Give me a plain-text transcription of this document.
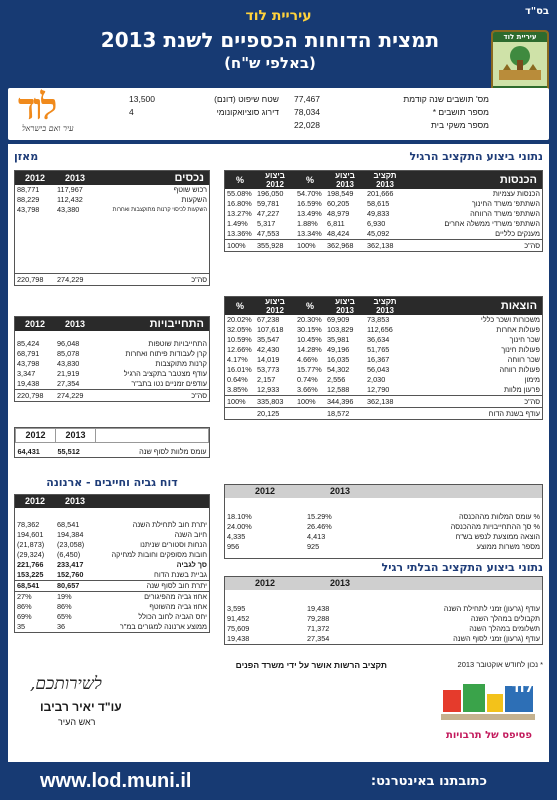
בס"ד
עיריית לוד
תמצית הדוחות הכספיים לשנת 2013
(באלפי ש"ח)
עיריית לוד
מס' תושבים שנה קודמת
77,467
מספר תושבים *
78,034
מספר משקי בית
22,028
שטח שיפוט (דונם)
13,500
דירוג סוציואקונומי
4
לוד
עיר ואם בישראל
נתוני ביצוע התקציב הרגיל
הכנסות	תקציב 2013	ביצוע 2013	%	ביצוע 2012	%
הכנסות עצמיות	201,666	198,549	54.70%	196,050	55.08%
השתתפ' משרד החינוך	58,615	60,205	16.59%	59,781	16.80%
השתתפ' משרד הרווחה	49,833	48,979	13.49%	47,227	13.27%
השתתפ' משרדי ממשלה אחרים	6,930	6,811	1.88%	5,317	1.49%
מענקים כלליים	45,092	48,424	13.34%	47,553	13.36%
סה"כ	362,138	362,968	100%	355,928	100%
הוצאות	תקציב 2013	ביצוע 2013	%	ביצוע 2012	%
משכורות ושכר כללי	73,853	69,909	20.30%	67,238	20.02%
פעולות אחרות	112,656	103,829	30.15%	107,618	32.05%
שכר חינוך	36,634	35,981	10.45%	35,547	10.59%
פעולות חינוך	51,765	49,196	14.28%	42,430	12.66%
שכר רווחה	16,367	16,035	4.66%	14,019	4.17%
פעולות רווחה	56,043	54,302	15.77%	53,773	16.01%
מימון	2,030	2,556	0.74%	2,157	0.64%
פרעון מלוות	12,790	12,588	3.66%	12,933	3.85%
סה"כ	362,138	344,396	100%	335,803	100%
עודף בשנת הדוח		18,572		20,125	
מאזן
נכסים	2013	2012
רכוש שוטף	117,967	88,771
השקעות	112,432	88,229
השקעות לכיסוי קרנות מתוקצבות ואחרות	43,380	43,798

סה"כ	274,229	220,798
התחייבויות	2013	2012

התחייבויות שוטפות	96,048	85,424
קרן לעבודות פיתוח ואחרות	85,078	68,791
קרנות מתוקצבות	43,830	43,798
עודף מצטבר בתקציב הרגיל	21,919	3,347
עודפים זמניים נטו בתב"ר	27,354	19,438
סה"כ	274,229	220,798
	2013	2012

עומס מלוות לסוף שנה	55,512	64,431
דוח גביה וחייבים - ארנונה
	2013	2012

יתרת חוב לתחילת השנה	68,541	78,362
חיוב השנה	194,384	194,601
הנחות וסטורים שניתנו	(23,058)	(21,873)
חובות מסופקים וחובות למחיקה	(6,450)	(29,324)
סך לגביה	233,417	221,766
גביית בשנת הדוח	152,760	153,225
יתרת חוב לסוף שנה	80,657	68,541
אחוז גביה מהפיגורים	19%	27%
אחוז גביה מהשוטף	86%	86%
יחס הגביה לחוב הכולל	65%	69%
ממוצע ארנונה למגורים במ"ר	36	35
	2013	2012

% עומס המלוות מההכנסה	15.29%	18.10%
% סך ההתחייבויות מההכנסה	26.46%	24.00%
הוצאה ממוצעת לנפש בש"ח	4,413	4,335
מספר משרות ממוצע	925	956

נתוני ביצוע התקציב הבלתי רגיל
	2013	2012

עודף (גרעון) זמני לתחילת השנה	19,438	3,595
תקבולים במהלך השנה	79,288	91,452
תשלומים במהלך השנה	71,372	75,609
עודף (גרעון) זמני לסוף השנה	27,354	19,438
* נכון לחודש אוקטובר 2013
תקציב הרשות אושר על ידי משרד הפנים
לשירותכם,
עו"ד יאיר רביבו
ראש העיר
לוד
פסיפס של תרבויות
כתובתנו באינטרנט:
www.lod.muni.il
